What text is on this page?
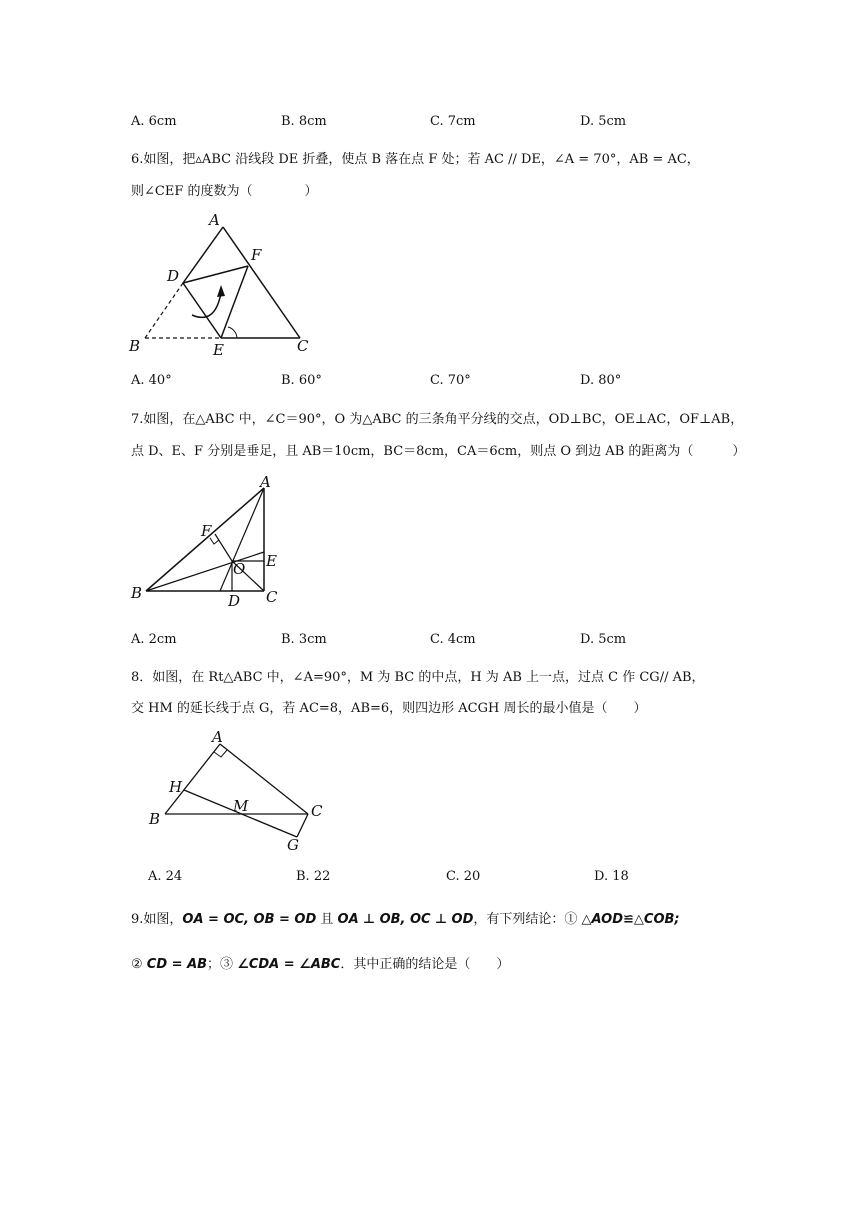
A. 6cm	B. 8cm	C. 7cm	D. 5cm
6.如图，把▵ABC 沿线段 DE 折叠，使点 B 落在点 F 处；若 AC // DE，∠A = 70°，AB = AC，
则∠CEF 的度数为（　　　　）
A
D
F
B	E	C
A. 40°	B. 60°	C. 70°	D. 80°
7.如图，在△ABC 中，∠C＝90°，O 为△ABC 的三条角平分线的交点，OD⊥BC，OE⊥AC，OF⊥AB，
点 D、E、F 分别是垂足，且 AB＝10cm，BC＝8cm，CA＝6cm，则点 O 到边 AB 的距离为（　　　）
A
F
E
O
B	D C
A. 2cm	B. 3cm	C. 4cm	D. 5cm
8．如图，在 Rt△ABC 中，∠A=90°，M 为 BC 的中点，H 为 AB 上一点，过点 C 作 CG// AB，
交 HM 的延长线于点 G，若 AC=8，AB=6，则四边形 ACGH 周长的最小值是（　　）
A
H
M
B	C
G
A. 24	B. 22	C. 20	D. 18
9.如图，OA = OC, OB = OD 且 OA ⊥ OB, OC ⊥ OD，有下列结论：① △AOD≌△COB;
② CD = AB；③ ∠CDA = ∠ABC．其中正确的结论是（　　）
